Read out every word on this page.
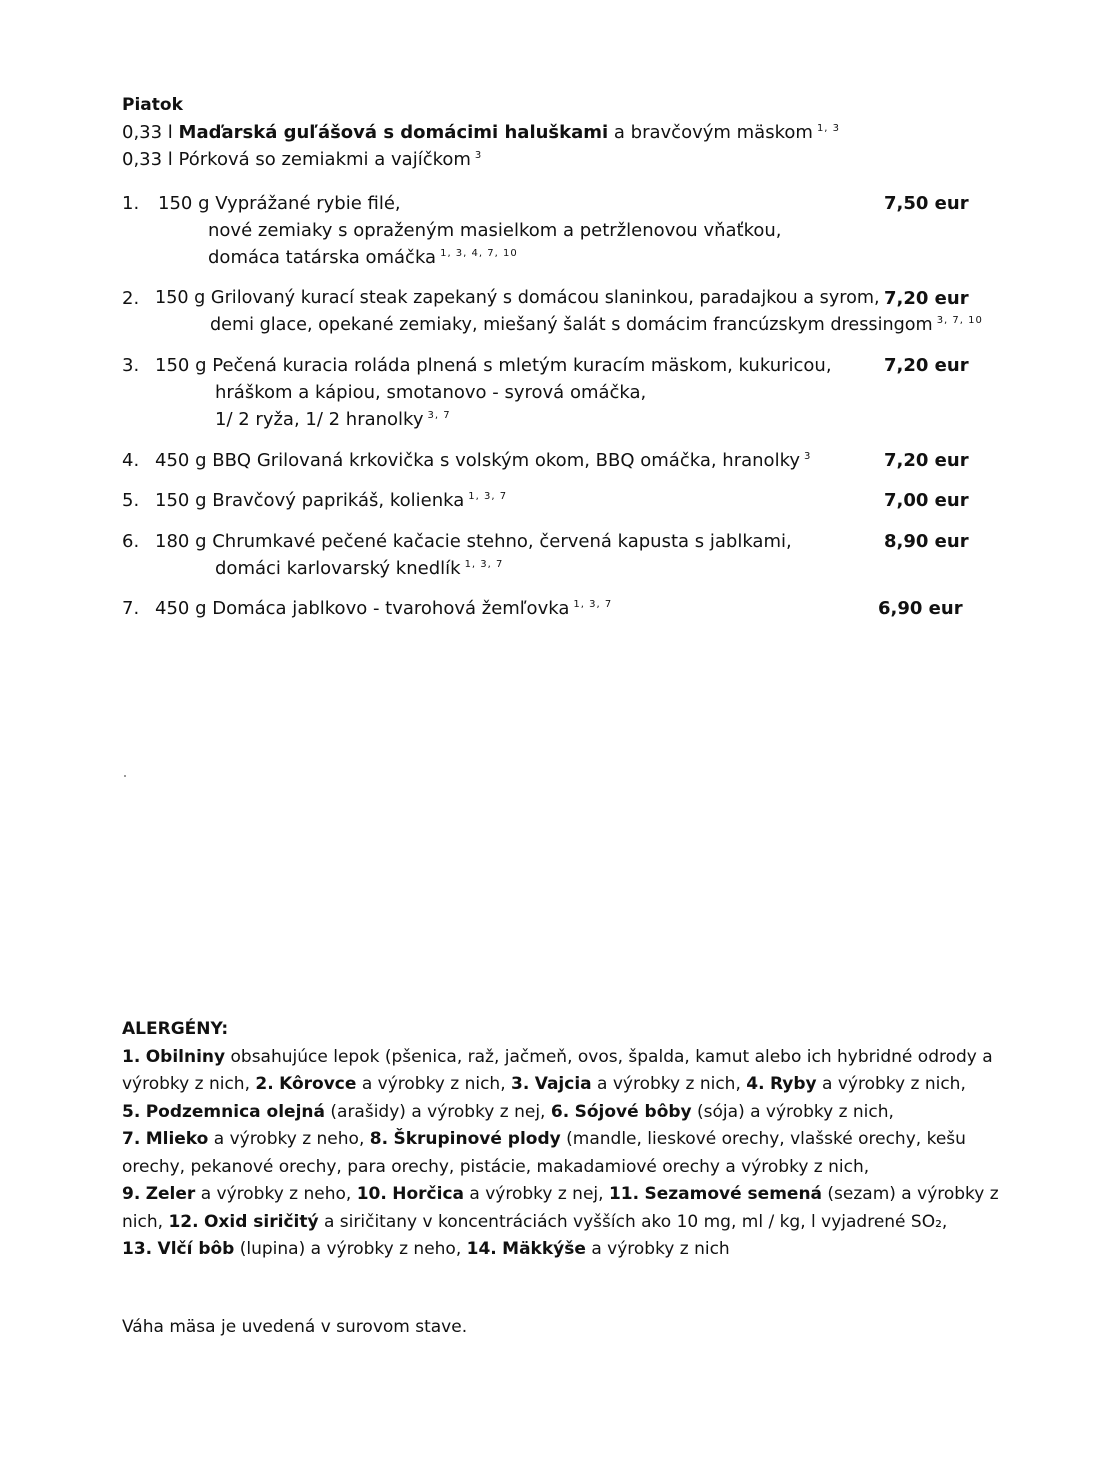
Piatok
0,33 l Maďarská guľášová s domácimi haluškami a bravčovým mäskom $^{1, 3}$
0,33 l Pórková so zemiakmi a vajíčkom $^3$
1. 150 g Vyprážané rybie filé,
nové zemiaky s opraženým masielkom a petržlenovou vňaťkou,
domáca tatárska omáčka $^{1, 3, 4, 7, 10}$
7,50 eur
2. 150 g Grilovaný kurací steak zapekaný s domácou slaninkou, paradajkou a syrom,
demi glace, opekané zemiaky, miešaný šalát s domácim francúzskym dressingom $^{3, 7, 10}$
7,20 eur
3. 150 g Pečená kuracia roláda plnená s mletým kuracím mäskom, kukuricou,
hráškom a kápiou, smotanovo - syrová omáčka,
1/ 2 ryža, 1/ 2 hranolky $^{3, 7}$
7,20 eur
4. 450 g BBQ Grilovaná krkovička s volským okom, BBQ omáčka, hranolky $^3$	7,20 eur
5. 150 g Bravčový paprikáš, kolienka $^{1, 3, 7}$	7,00 eur
6. 180 g Chrumkavé pečené kačacie stehno, červená kapusta s jablkami,
domáci karlovarský knedlík $^{1, 3, 7}$
8,90 eur
7. 450 g Domáca jablkovo - tvarohová žemľovka $^{1, 3, 7}$	6,90 eur

ALERGÉNY:

1. Obilniny obsahujúce lepok (pšenica, raž, jačmeň, ovos, špalda, kamut alebo ich hybridné odrody a výrobky z nich, 2. Kôrovce a výrobky z nich, 3. Vajcia a výrobky z nich, 4. Ryby a výrobky z nich,
5. Podzemnica olejná (arašidy) a výrobky z nej, 6. Sójové bôby (sója) a výrobky z nich,
7. Mlieko a výrobky z neho, 8. Škrupinové plody (mandle, lieskové orechy, vlašské orechy, kešu orechy, pekanové orechy, para orechy, pistácie, makadamiové orechy a výrobky z nich,
9. Zeler a výrobky z neho, 10. Horčica a výrobky z nej, 11. Sezamové semená (sezam) a výrobky z nich, 12. Oxid siričitý a siričitany v koncentráciách vyšších ako 10 mg, ml / kg, l vyjadrené SO₂,
13. Vlčí bôb (lupina) a výrobky z neho, 14. Mäkkýše a výrobky z nich

Váha mäsa je uvedená v surovom stave.
